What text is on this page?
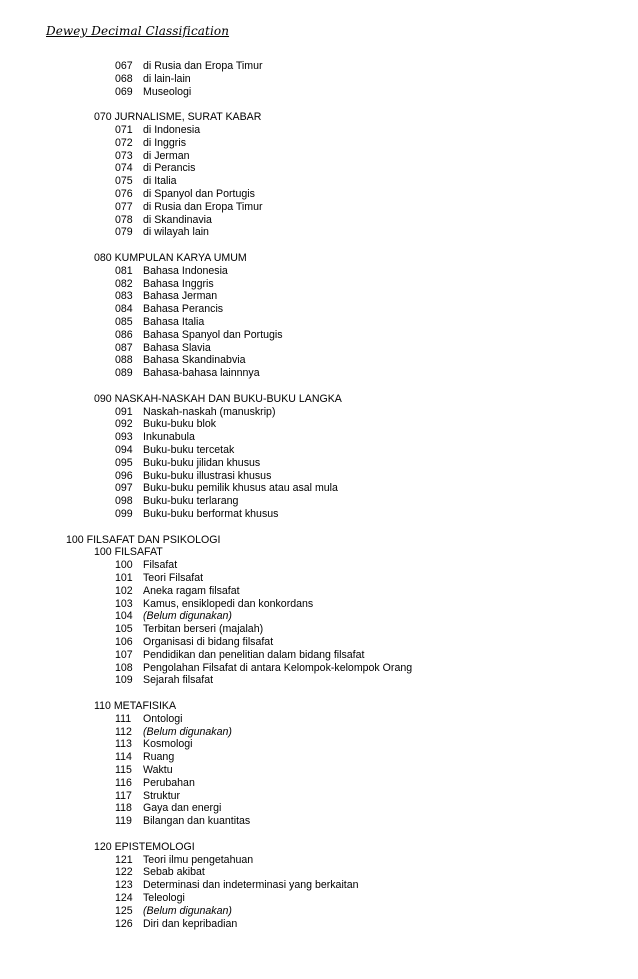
Dewey Decimal Classification
067 di Rusia dan Eropa Timur
068 di lain-lain
069 Museologi
070 JURNALISME, SURAT KABAR
071 di Indonesia
072 di Inggris
073 di Jerman
074 di Perancis
075 di Italia
076 di Spanyol dan Portugis
077 di Rusia dan Eropa Timur
078 di Skandinavia
079 di wilayah lain
080 KUMPULAN KARYA UMUM
081 Bahasa Indonesia
082 Bahasa Inggris
083 Bahasa Jerman
084 Bahasa Perancis
085 Bahasa Italia
086 Bahasa Spanyol dan Portugis
087 Bahasa Slavia
088 Bahasa Skandinabvia
089 Bahasa-bahasa lainnnya
090 NASKAH-NASKAH DAN BUKU-BUKU LANGKA
091 Naskah-naskah (manuskrip)
092 Buku-buku blok
093 Inkunabula
094 Buku-buku tercetak
095 Buku-buku jilidan khusus
096 Buku-buku illustrasi khusus
097 Buku-buku pemilik khusus atau asal mula
098 Buku-buku terlarang
099 Buku-buku berformat khusus
100 FILSAFAT DAN PSIKOLOGI
100 FILSAFAT
100 Filsafat
101 Teori Filsafat
102 Aneka ragam filsafat
103 Kamus, ensiklopedi dan konkordans
104 (Belum digunakan)
105 Terbitan berseri (majalah)
106 Organisasi di bidang filsafat
107 Pendidikan dan penelitian dalam bidang filsafat
108 Pengolahan Filsafat di antara Kelompok-kelompok Orang
109 Sejarah filsafat
110 METAFISIKA
111 Ontologi
112 (Belum digunakan)
113 Kosmologi
114 Ruang
115 Waktu
116 Perubahan
117 Struktur
118 Gaya dan energi
119 Bilangan dan kuantitas
120 EPISTEMOLOGI
121 Teori ilmu pengetahuan
122 Sebab akibat
123 Determinasi dan indeterminasi yang berkaitan
124 Teleologi
125 (Belum digunakan)
126 Diri dan kepribadian
